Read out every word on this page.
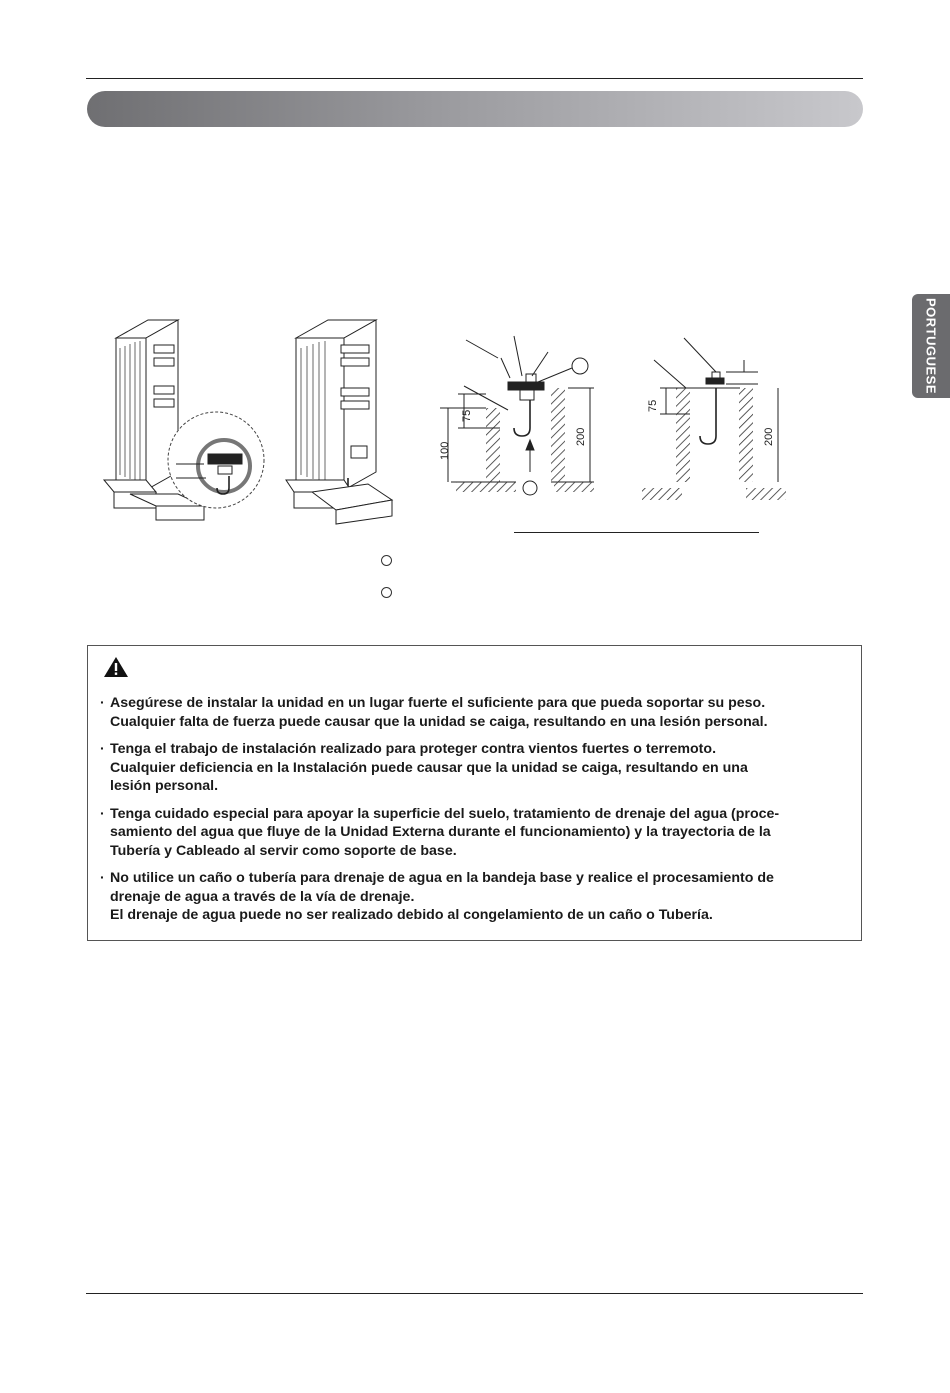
PORTUGUESE
100
75
200
75
200
· Asegúrese de instalar la unidad en un lugar fuerte el suficiente para que pueda soportar su peso.
Cualquier falta de fuerza puede causar que la unidad se caiga, resultando en una lesión personal.
· Tenga el trabajo de instalación realizado para proteger contra vientos fuertes o terremoto.
Cualquier deficiencia en la Instalación puede causar que la unidad se caiga, resultando en una
lesión personal.
· Tenga cuidado especial para apoyar la superficie del suelo, tratamiento de drenaje del agua (proce-
samiento del agua que fluye de la Unidad Externa durante el funcionamiento) y la trayectoria de la
Tubería y Cableado al servir como soporte de base.
· No utilice un caño o tubería para drenaje de agua en la bandeja base y realice el procesamiento de
drenaje de agua a través de la vía de drenaje.
El drenaje de agua puede no ser realizado debido al congelamiento de un caño o Tubería.
